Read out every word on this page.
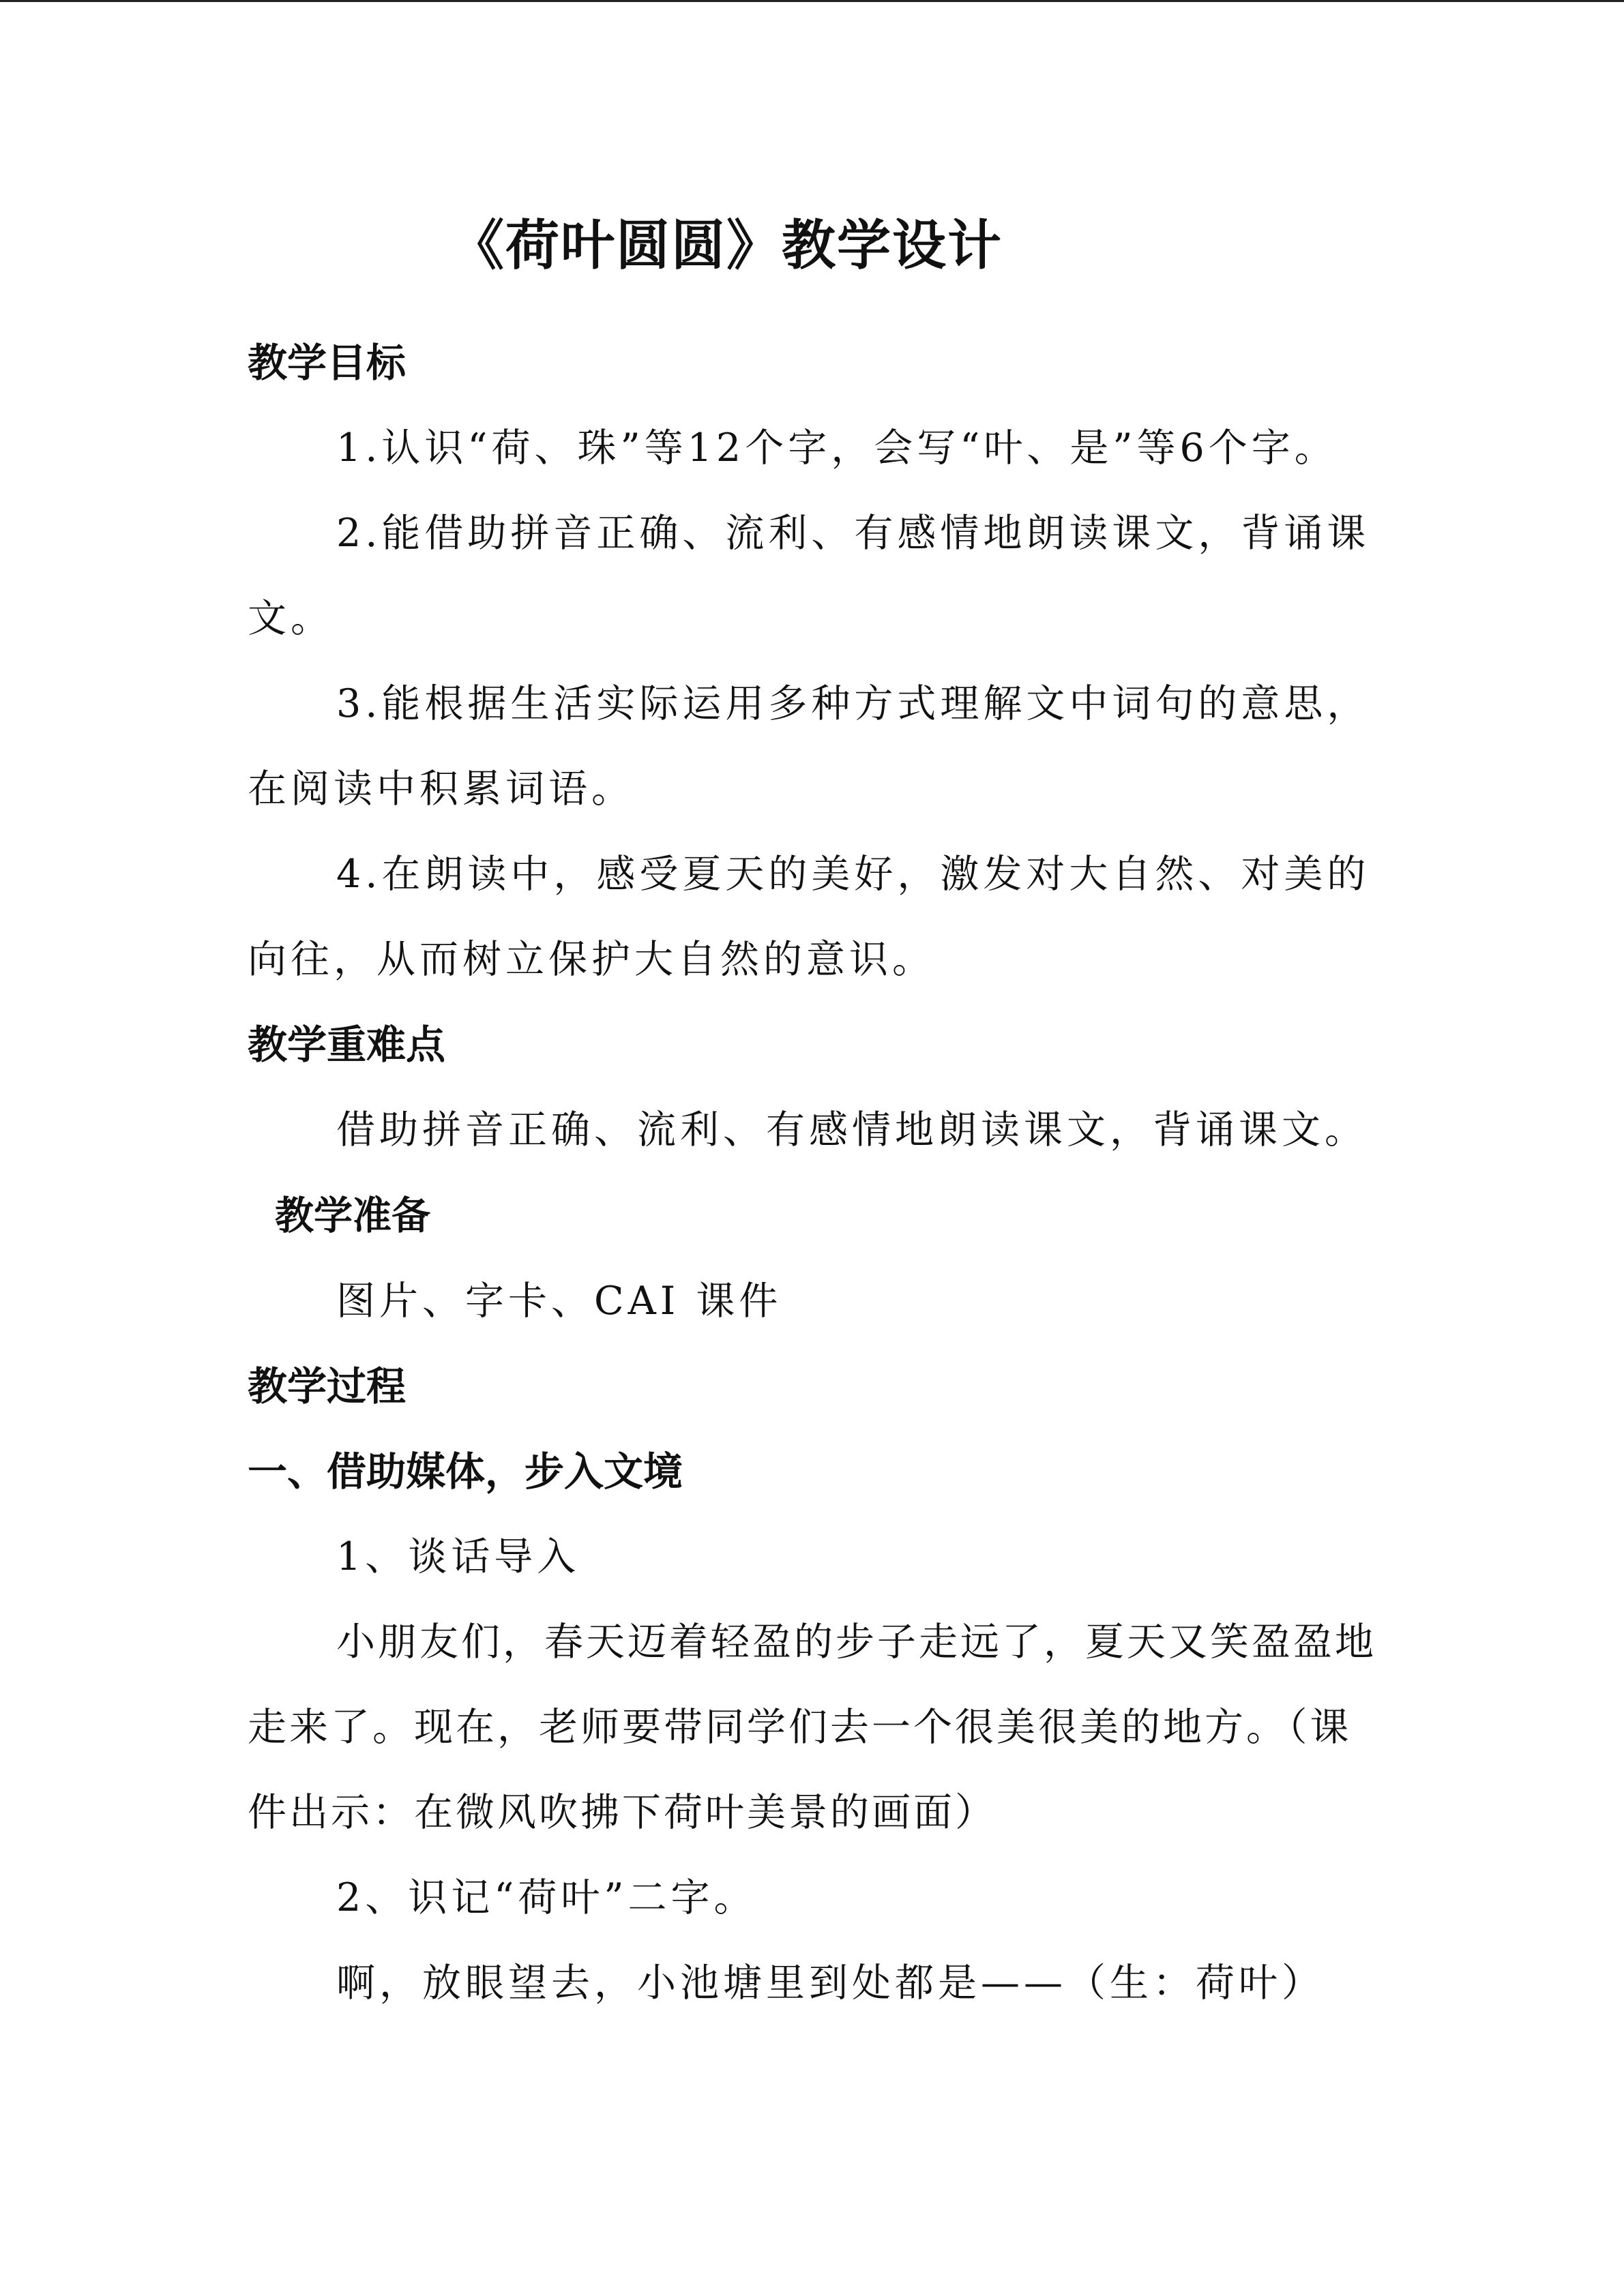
《荷叶圆圆》教学设计
教学目标

1.认识“荷、珠”等12个字，会写“叶、是”等6个字。

2.能借助拼音正确、流利、有感情地朗读课文，背诵课文。

3.能根据生活实际运用多种方式理解文中词句的意思，在阅读中积累词语。

4.在朗读中，感受夏天的美好，激发对大自然、对美的向往，从而树立保护大自然的意识。

教学重难点

借助拼音正确、流利、有感情地朗读课文，背诵课文。教学准备

图片、字卡、CAI 课件

教学过程
一、借助媒体，步入文境

1、谈话导入

小朋友们，春天迈着轻盈的步子走远了，夏天又笑盈盈地走来了。现在，老师要带同学们去一个很美很美的地方。（课件出示：在微风吹拂下荷叶美景的画面）

2、识记“荷叶”二字。

啊，放眼望去，小池塘里到处都是——（生：荷叶）
